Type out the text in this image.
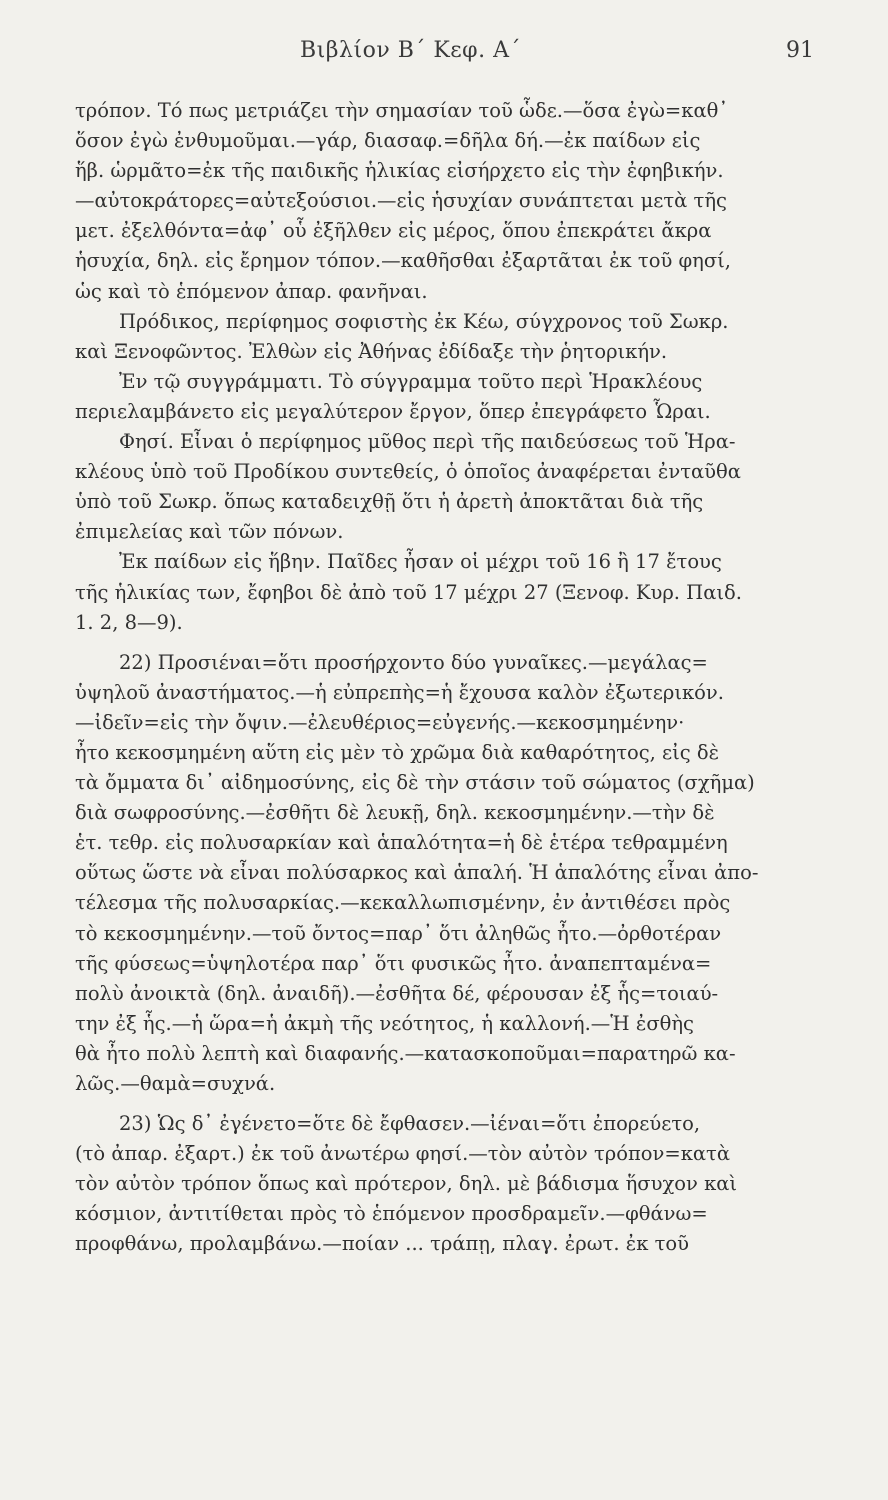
Βιβλίον Β΄ Κεφ. Α΄	91
τρόπον. Τό πως μετριάζει τὴν σημασίαν τοῦ ὧδε.—ὅσα ἐγὼ=καθ᾿
ὅσον ἐγὼ ἐνθυμοῦμαι.—γάρ, διασαφ.=δῆλα δή.—ἐκ παίδων εἰς
ἥβ. ὡρμᾶτο=ἐκ τῆς παιδικῆς ἡλικίας εἰσήρχετο εἰς τὴν ἐφηβικήν.
—αὐτοκράτορες=αὐτεξούσιοι.—εἰς ἡσυχίαν συνάπτεται μετὰ τῆς
μετ. ἐξελθόντα=ἀφ᾿ οὗ ἐξῆλθεν εἰς μέρος, ὅπου ἐπεκράτει ἄκρα
ἡσυχία, δηλ. εἰς ἔρημον τόπον.—καθῆσθαι ἐξαρτᾶται ἐκ τοῦ φησί,
ὡς καὶ τὸ ἑπόμενον ἀπαρ. φανῆναι.
Πρόδικος, περίφημος σοφιστὴς ἐκ Κέω, σύγχρονος τοῦ Σωκρ.
καὶ Ξενοφῶντος. Ἐλθὼν εἰς Ἀθήνας ἐδίδαξε τὴν ῥητορικήν.
Ἐν τῷ συγγράμματι. Τὸ σύγγραμμα τοῦτο περὶ Ἡρακλέους
περιελαμβάνετο εἰς μεγαλύτερον ἔργον, ὅπερ ἐπεγράφετο Ὧραι.
Φησί. Εἶναι ὁ περίφημος μῦθος περὶ τῆς παιδεύσεως τοῦ Ἡρα-
κλέους ὑπὸ τοῦ Προδίκου συντεθείς, ὁ ὁποῖος ἀναφέρεται ἐνταῦθα
ὑπὸ τοῦ Σωκρ. ὅπως καταδειχθῇ ὅτι ἡ ἀρετὴ ἀποκτᾶται διὰ τῆς
ἐπιμελείας καὶ τῶν πόνων.
Ἐκ παίδων εἰς ἥβην. Παῖδες ἦσαν οἱ μέχρι τοῦ 16 ἢ 17 ἔτους
τῆς ἡλικίας των, ἔφηβοι δὲ ἀπὸ τοῦ 17 μέχρι 27 (Ξενοφ. Κυρ. Παιδ.
1. 2, 8—9).
22) Προσιέναι=ὅτι προσήρχοντο δύο γυναῖκες.—μεγάλας=
ὑψηλοῦ ἀναστήματος.—ἡ εὐπρεπὴς=ἡ ἔχουσα καλὸν ἐξωτερικόν.
—ἰδεῖν=εἰς τὴν ὄψιν.—ἐλευθέριος=εὐγενής.—κεκοσμημένην·
ἦτο κεκοσμημένη αὕτη εἰς μὲν τὸ χρῶμα διὰ καθαρότητος, εἰς δὲ
τὰ ὄμματα δι᾿ αἰδημοσύνης, εἰς δὲ τὴν στάσιν τοῦ σώματος (σχῆμα)
διὰ σωφροσύνης.—ἐσθῆτι δὲ λευκῇ, δηλ. κεκοσμημένην.—τὴν δὲ
ἑτ. τεθρ. εἰς πολυσαρκίαν καὶ ἁπαλότητα=ἡ δὲ ἑτέρα τεθραμμένη
οὕτως ὥστε νὰ εἶναι πολύσαρκος καὶ ἁπαλή. Ἡ ἁπαλότης εἶναι ἀπο-
τέλεσμα τῆς πολυσαρκίας.—κεκαλλωπισμένην, ἐν ἀντιθέσει πρὸς
τὸ κεκοσμημένην.—τοῦ ὄντος=παρ᾿ ὅτι ἀληθῶς ἦτο.—ὀρθοτέραν
τῆς φύσεως=ὑψηλοτέρα παρ᾿ ὅτι φυσικῶς ἦτο. ἀναπεπταμένα=
πολὺ ἀνοικτὰ (δηλ. ἀναιδῆ).—ἐσθῆτα δέ, φέρουσαν ἐξ ἧς=τοιαύ-
την ἐξ ἧς.—ἡ ὥρα=ἡ ἀκμὴ τῆς νεότητος, ἡ καλλονή.—Ἡ ἐσθὴς
θὰ ἦτο πολὺ λεπτὴ καὶ διαφανής.—κατασκοποῦμαι=παρατηρῶ κα-
λῶς.—θαμὰ=συχνά.
23) Ὡς δ᾿ ἐγένετο=ὅτε δὲ ἔφθασεν.—ἰέναι=ὅτι ἐπορεύετο,
(τὸ ἀπαρ. ἐξαρτ.) ἐκ τοῦ ἀνωτέρω φησί.—τὸν αὐτὸν τρόπον=κατὰ
τὸν αὐτὸν τρόπον ὅπως καὶ πρότερον, δηλ. μὲ βάδισμα ἥσυχον καὶ
κόσμιον, ἀντιτίθεται πρὸς τὸ ἑπόμενον προσδραμεῖν.—φθάνω=
προφθάνω, προλαμβάνω.—ποίαν ... τράπῃ, πλαγ. ἐρωτ. ἐκ τοῦ
